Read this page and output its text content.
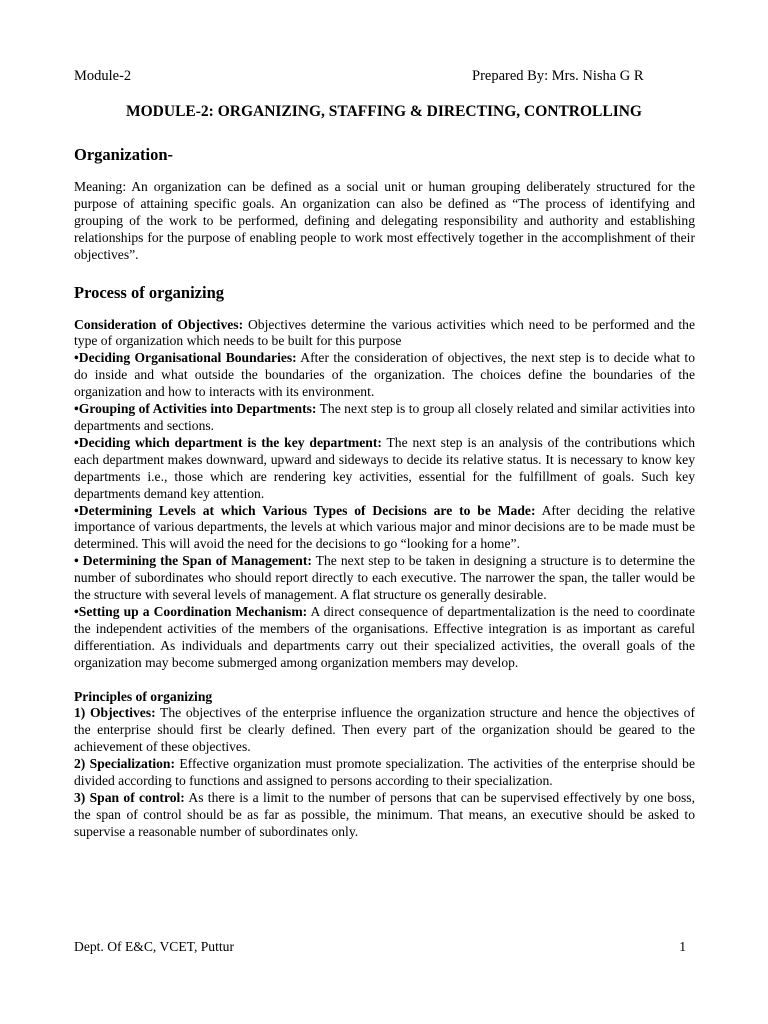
Module-2	Prepared By: Mrs. Nisha G R
MODULE-2: ORGANIZING, STAFFING & DIRECTING, CONTROLLING
Organization-

Meaning: An organization can be defined as a social unit or human grouping deliberately structured for the purpose of attaining specific goals. An organization can also be defined as “The process of identifying and grouping of the work to be performed, defining and delegating responsibility and authority and establishing relationships for the purpose of enabling people to work most effectively together in the accomplishment of their objectives”.

Process of organizing

Consideration of Objectives: Objectives determine the various activities which need to be performed and the type of organization which needs to be built for this purpose

•Deciding Organisational Boundaries: After the consideration of objectives, the next step is to decide what to do inside and what outside the boundaries of the organization. The choices define the boundaries of the organization and how to interacts with its environment.

•Grouping of Activities into Departments: The next step is to group all closely related and similar activities into departments and sections.

•Deciding which department is the key department: The next step is an analysis of the contributions which each department makes downward, upward and sideways to decide its relative status. It is necessary to know key departments i.e., those which are rendering key activities, essential for the fulfillment of goals. Such key departments demand key attention.

•Determining Levels at which Various Types of Decisions are to be Made: After deciding the relative importance of various departments, the levels at which various major and minor decisions are to be made must be determined. This will avoid the need for the decisions to go “looking for a home”.

• Determining the Span of Management: The next step to be taken in designing a structure is to determine the number of subordinates who should report directly to each executive. The narrower the span, the taller would be the structure with several levels of management. A flat structure os generally desirable.

•Setting up a Coordination Mechanism: A direct consequence of departmentalization is the need to coordinate the independent activities of the members of the organisations. Effective integration is as important as careful differentiation. As individuals and departments carry out their specialized activities, the overall goals of the organization may become submerged among organization members may develop.

Principles of organizing

1) Objectives: The objectives of the enterprise influence the organization structure and hence the objectives of the enterprise should first be clearly defined. Then every part of the organization should be geared to the achievement of these objectives.

2) Specialization: Effective organization must promote specialization. The activities of the enterprise should be divided according to functions and assigned to persons according to their specialization.

3) Span of control: As there is a limit to the number of persons that can be supervised effectively by one boss, the span of control should be as far as possible, the minimum. That means, an executive should be asked to supervise a reasonable number of subordinates only.

Dept. Of E&C, VCET, Puttur	1
